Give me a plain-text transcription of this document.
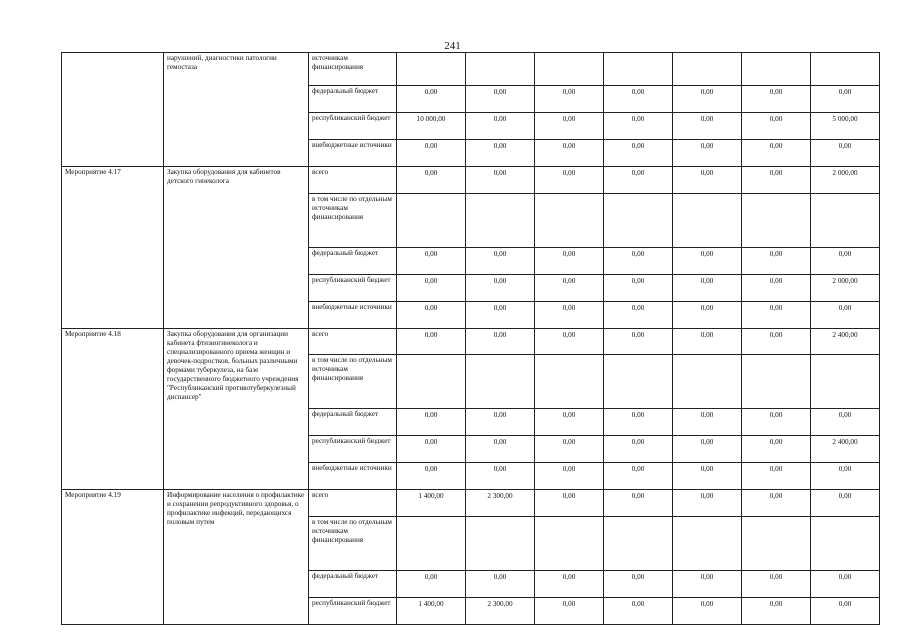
241
	нарушений, диагностики патологии гемостаза	источникам финансирования							
		федеральный бюджет	0,00	0,00	0,00	0,00	0,00	0,00	0,00
		республиканский бюджет	10 000,00	0,00	0,00	0,00	0,00	0,00	5 000,00
		внебюджетные источники	0,00	0,00	0,00	0,00	0,00	0,00	0,00
Мероприятие 4.17	Закупка оборудования для кабинетов детского гинеколога	всего	0,00	0,00	0,00	0,00	0,00	0,00	2 000,00
		в том числе по отдельным источникам финансирования							
		федеральный бюджет	0,00	0,00	0,00	0,00	0,00	0,00	0,00
		республиканский бюджет	0,00	0,00	0,00	0,00	0,00	0,00	2 000,00
		внебюджетные источники	0,00	0,00	0,00	0,00	0,00	0,00	0,00
Мероприятие 4.18	Закупка оборудования для организации кабинета фтизиогинеколога и специализированного приема женщин и девочек-подростков, больных различными формами туберкулеза, на базе государственного бюджетного учреждения "Республиканский противотуберкулезный диспансер"	всего	0,00	0,00	0,00	0,00	0,00	0,00	2 400,00
		в том числе по отдельным источникам финансирования							
		федеральный бюджет	0,00	0,00	0,00	0,00	0,00	0,00	0,00
		республиканский бюджет	0,00	0,00	0,00	0,00	0,00	0,00	2 400,00
		внебюджетные источники	0,00	0,00	0,00	0,00	0,00	0,00	0,00
Мероприятие 4.19	Информирование населения о профилактике и сохранении репродуктивного здоровья, о профилактике инфекций, передающихся половым путем	всего	1 400,00	2 300,00	0,00	0,00	0,00	0,00	0,00
		в том числе по отдельным источникам финансирования							
		федеральный бюджет	0,00	0,00	0,00	0,00	0,00	0,00	0,00
		республиканский бюджет	1 400,00	2 300,00	0,00	0,00	0,00	0,00	0,00
